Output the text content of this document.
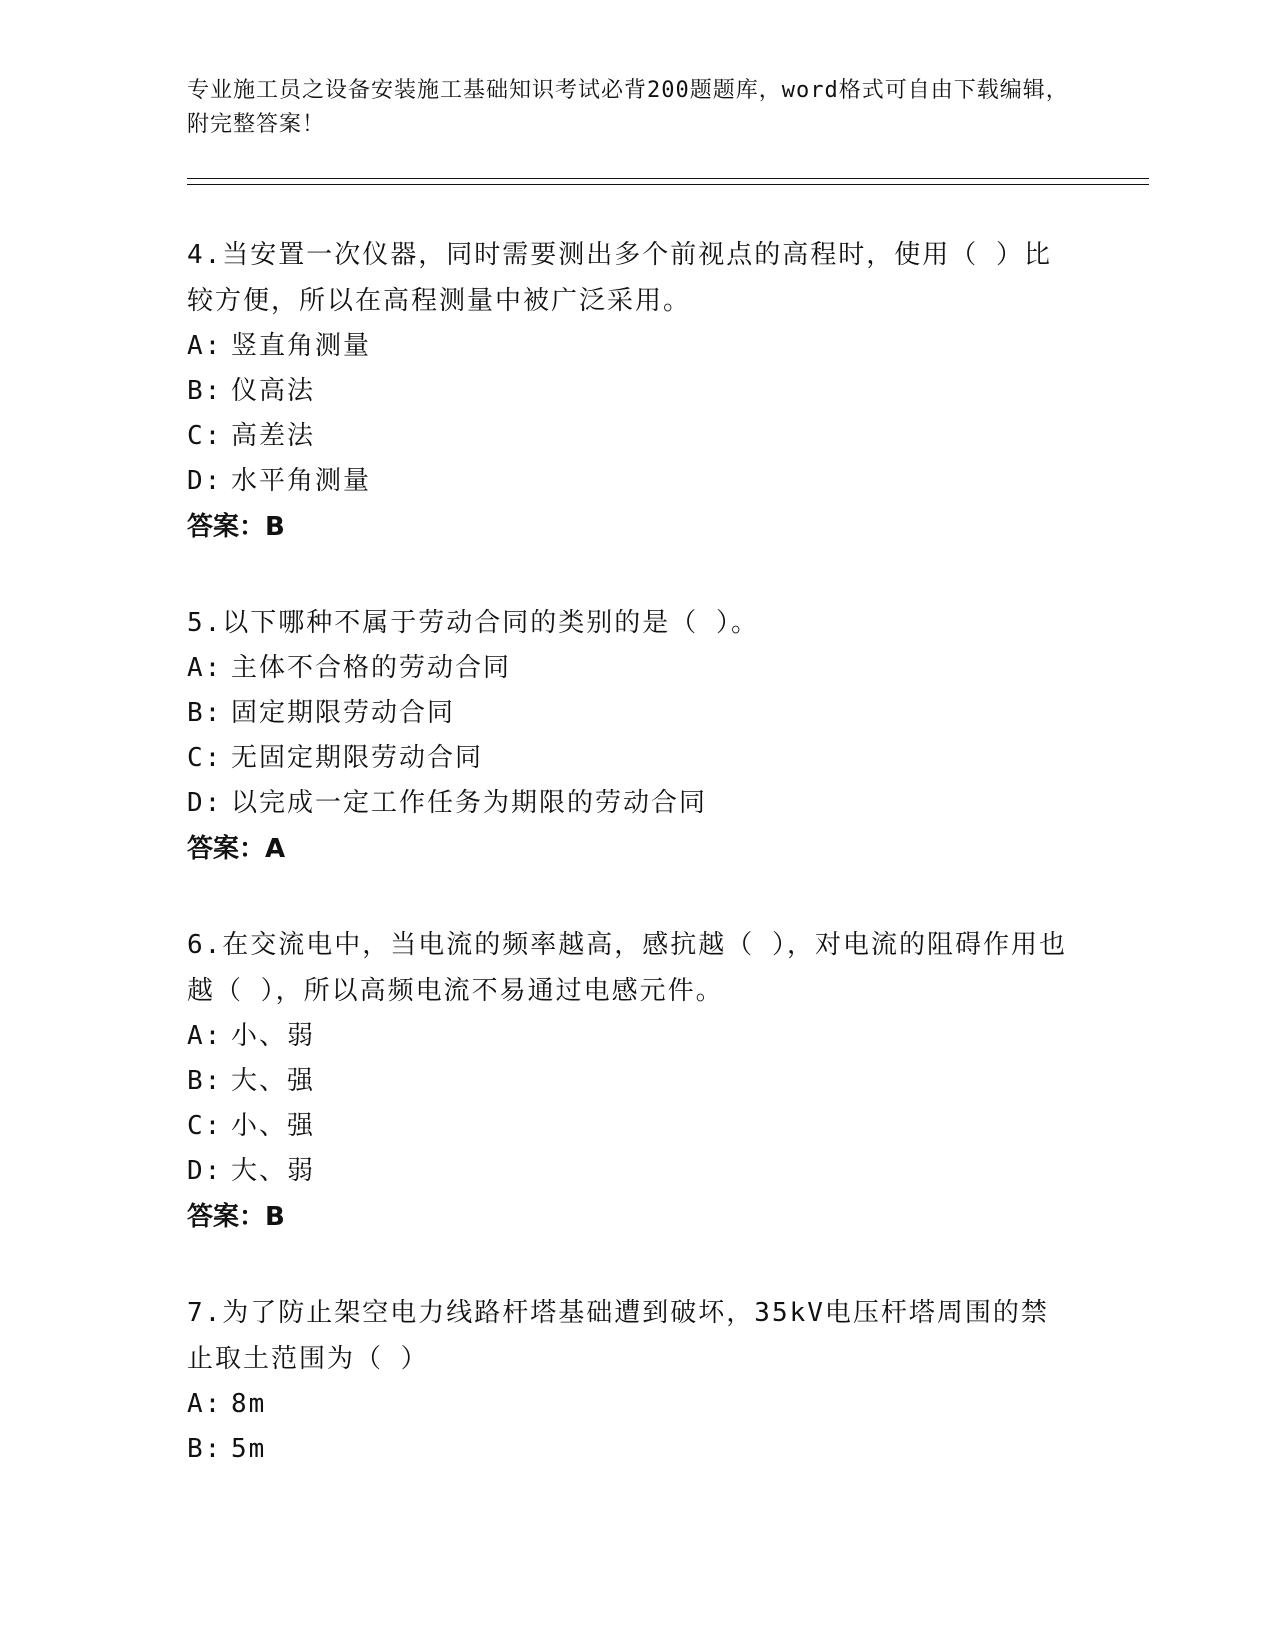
专业施工员之设备安装施工基础知识考试必背200题题库，word格式可自由下载编辑，附完整答案！

4.当安置一次仪器，同时需要测出多个前视点的高程时，使用（ ）比较方便，所以在高程测量中被广泛采用。

A: 竖直角测量
B: 仪高法
C: 高差法
D: 水平角测量
答案：B

5.以下哪种不属于劳动合同的类别的是（ ）。

A: 主体不合格的劳动合同
B: 固定期限劳动合同
C: 无固定期限劳动合同
D: 以完成一定工作任务为期限的劳动合同
答案：A

6.在交流电中，当电流的频率越高，感抗越（ ），对电流的阻碍作用也越（ ），所以高频电流不易通过电感元件。

A: 小、弱
B: 大、强
C: 小、强
D: 大、弱
答案：B

7.为了防止架空电力线路杆塔基础遭到破坏，35kV电压杆塔周围的禁止取土范围为（ ）

A: 8m
B: 5m
